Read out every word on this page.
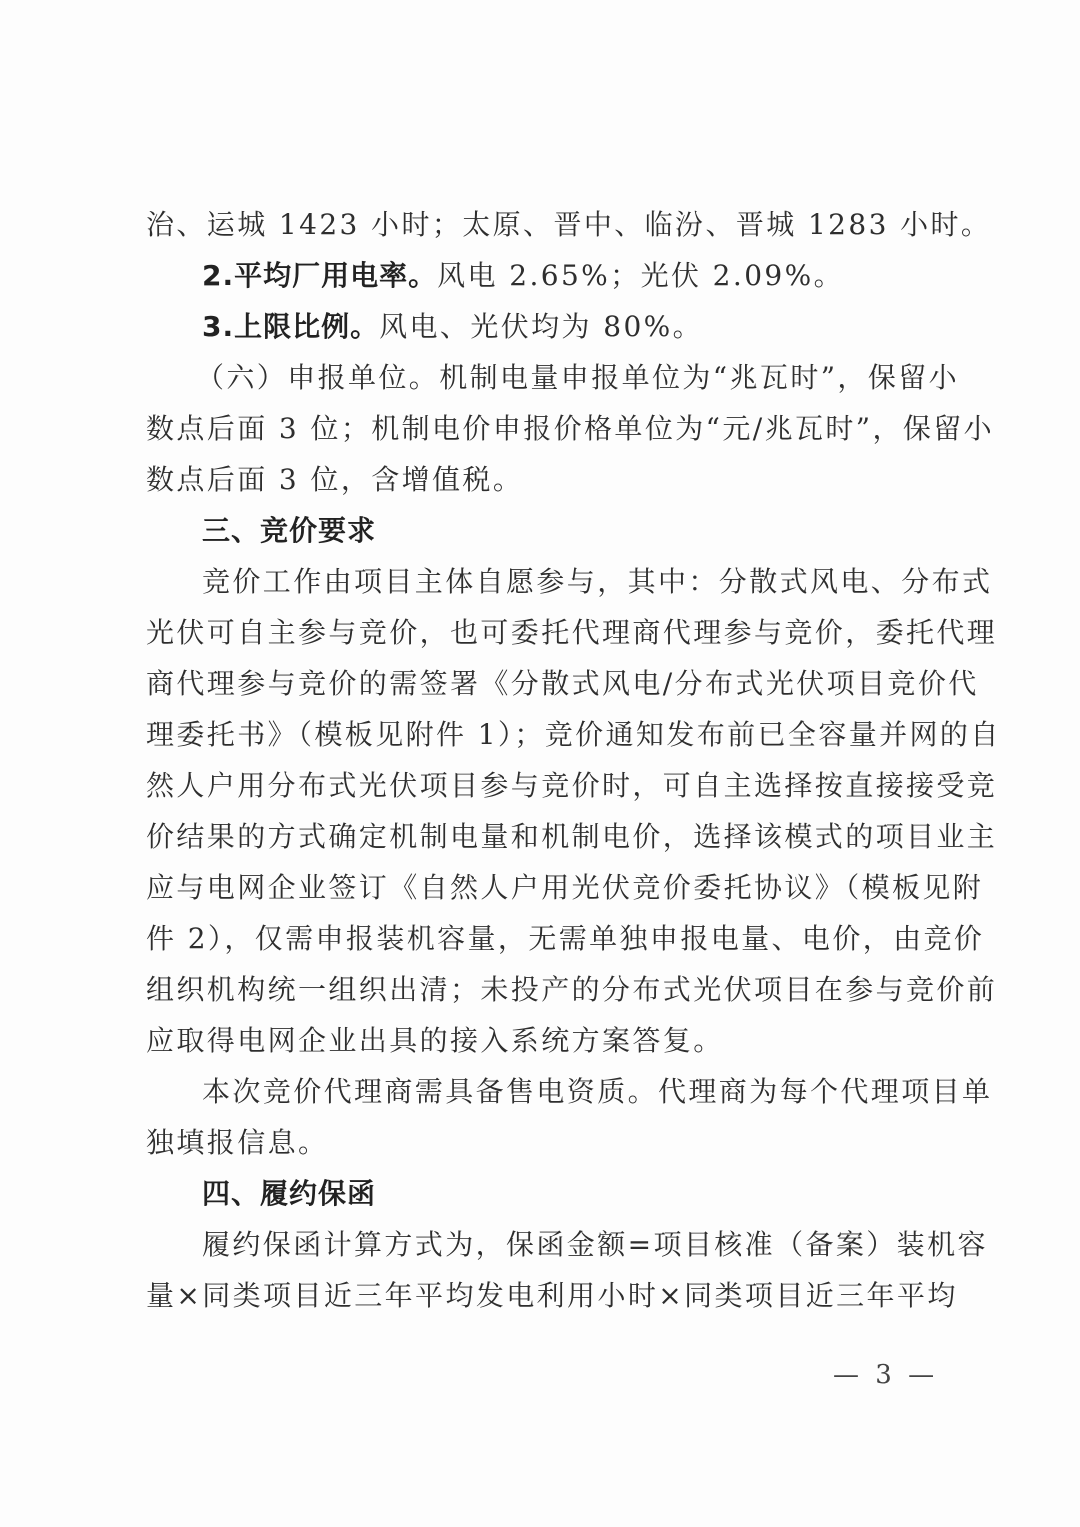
治、运城 1423 小时；太原、晋中、临汾、晋城 1283 小时。
2.平均厂用电率。风电 2.65%；光伏 2.09%。
3.上限比例。风电、光伏均为 80%。
（六）申报单位。机制电量申报单位为“兆瓦时”，保留小
数点后面 3 位；机制电价申报价格单位为“元/兆瓦时”，保留小
数点后面 3 位，含增值税。
三、竞价要求
竞价工作由项目主体自愿参与，其中：分散式风电、分布式
光伏可自主参与竞价，也可委托代理商代理参与竞价，委托代理
商代理参与竞价的需签署《分散式风电/分布式光伏项目竞价代
理委托书》（模板见附件 1）；竞价通知发布前已全容量并网的自
然人户用分布式光伏项目参与竞价时，可自主选择按直接接受竞
价结果的方式确定机制电量和机制电价，选择该模式的项目业主
应与电网企业签订《自然人户用光伏竞价委托协议》（模板见附
件 2），仅需申报装机容量，无需单独申报电量、电价，由竞价
组织机构统一组织出清；未投产的分布式光伏项目在参与竞价前
应取得电网企业出具的接入系统方案答复。
本次竞价代理商需具备售电资质。代理商为每个代理项目单
独填报信息。
四、履约保函
履约保函计算方式为，保函金额=项目核准（备案）装机容
量×同类项目近三年平均发电利用小时×同类项目近三年平均
— 3 —
